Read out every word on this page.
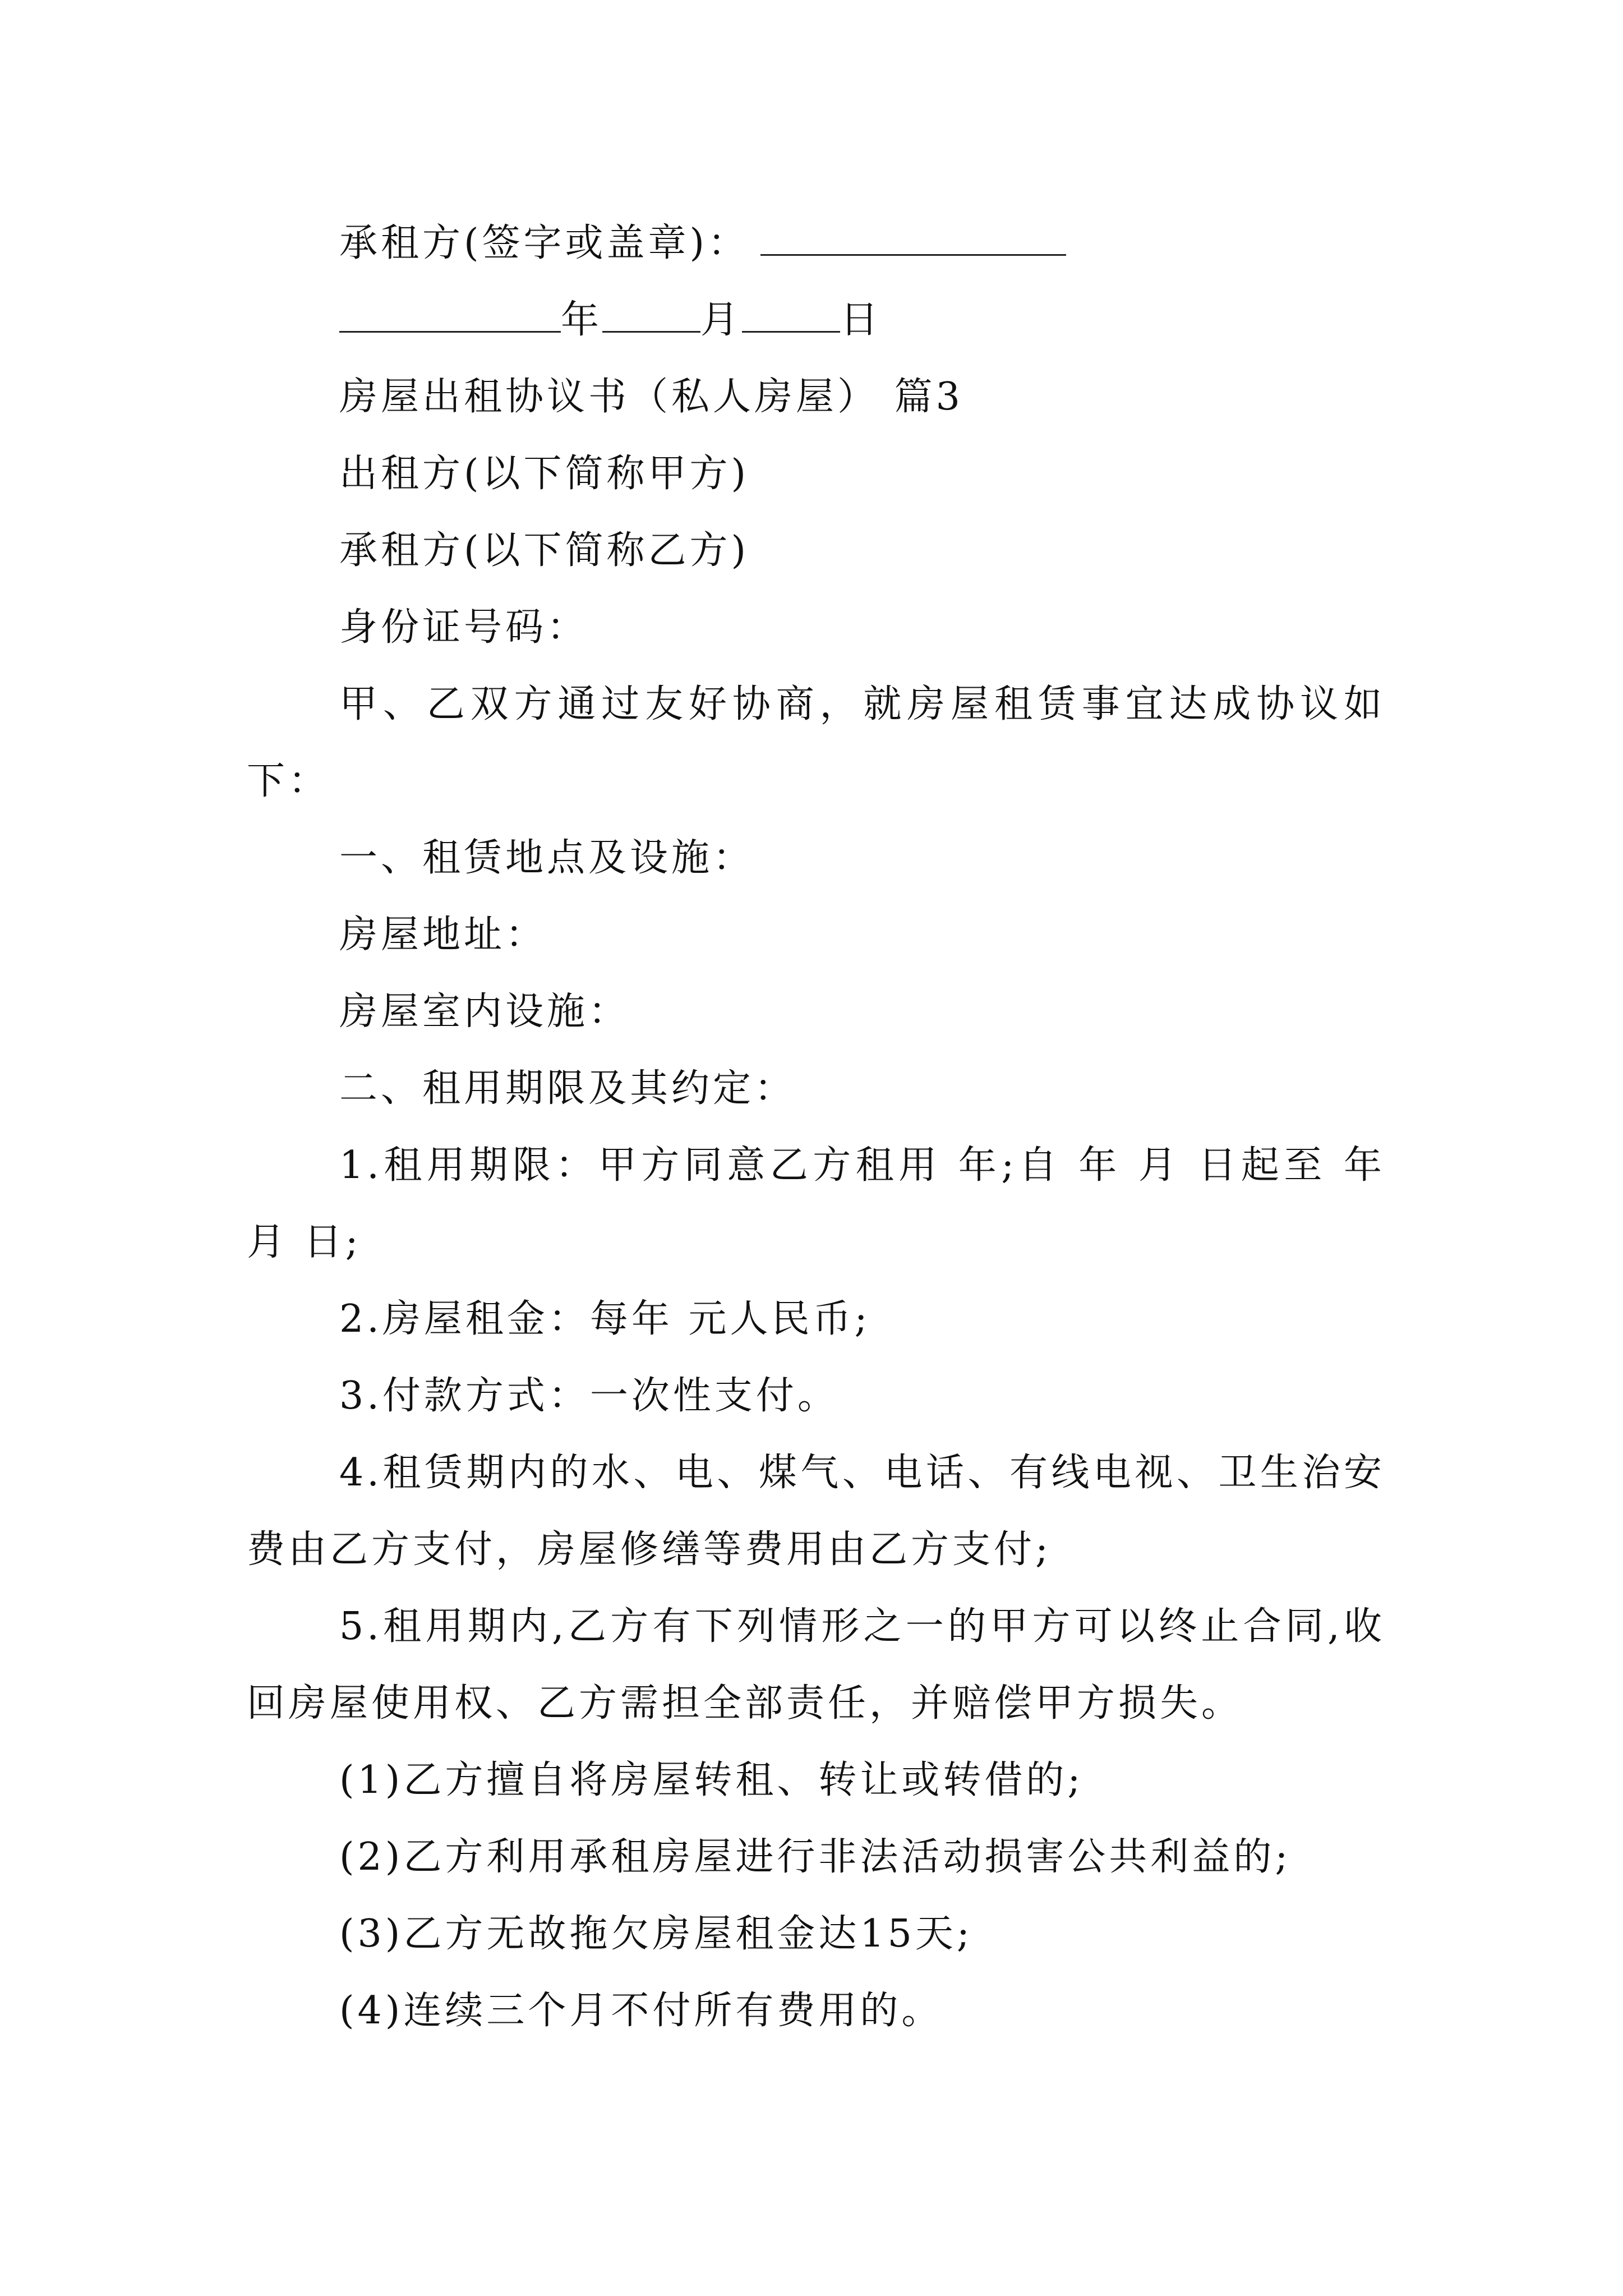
承租方(签字或盖章)：
年	月	日
房屋出租协议书（私人房屋） 篇3
出租方(以下简称甲方)
承租方(以下简称乙方)
身份证号码：
甲、乙双方通过友好协商，就房屋租赁事宜达成协议如下：
一、租赁地点及设施：
房屋地址：
房屋室内设施：
二、租用期限及其约定：
1.租用期限：甲方同意乙方租用 年;自 年 月 日起至 年 月 日;
2.房屋租金：每年 元人民币;
3.付款方式：一次性支付。
4.租赁期内的水、电、煤气、电话、有线电视、卫生治安费由乙方支付，房屋修缮等费用由乙方支付;
5.租用期内,乙方有下列情形之一的甲方可以终止合同,收回房屋使用权、乙方需担全部责任，并赔偿甲方损失。
(1)乙方擅自将房屋转租、转让或转借的;
(2)乙方利用承租房屋进行非法活动损害公共利益的;
(3)乙方无故拖欠房屋租金达15天;
(4)连续三个月不付所有费用的。
